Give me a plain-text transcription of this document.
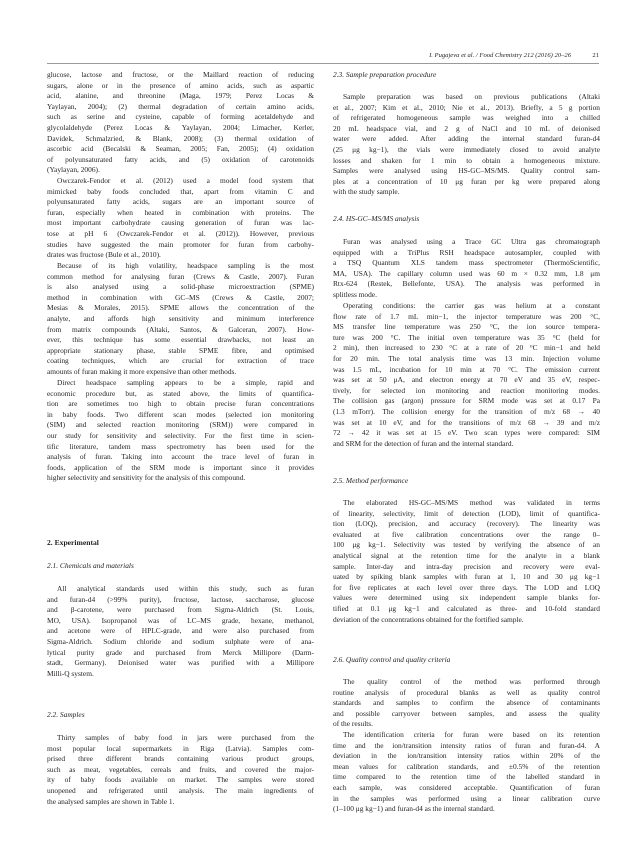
I. Pugajeva et al. / Food Chemistry 212 (2016) 20–26	21

glucose, lactose and fructose, or the Maillard reaction of reducing
sugars, alone or in the presence of amino acids, such as aspartic
acid, alanine, and threonine (Maga, 1979; Perez Locas &
Yaylayan, 2004); (2) thermal degradation of certain amino acids,
such as serine and cysteine, capable of forming acetaldehyde and
glycolaldehyde (Perez Locas & Yaylayan, 2004; Limacher, Kerler,
Davidek, Schmalzried, & Blank, 2008); (3) thermal oxidation of
ascorbic acid (Becalski & Seaman, 2005; Fan, 2005); (4) oxidation
of polyunsaturated fatty acids, and (5) oxidation of carotenoids
(Yaylayan, 2006).

Owczarek-Fendor et al. (2012) used a model food system that
mimicked baby foods concluded that, apart from vitamin C and
polyunsaturated fatty acids, sugars are an important source of
furan, especially when heated in combination with proteins. The
most important carbohydrate causing generation of furan was lac-
tose at pH 6 (Owczarek-Fendor et al. (2012)). However, previous
studies have suggested the main promoter for furan from carbohy-
drates was fructose (Bule et al., 2010).

Because of its high volatility, headspace sampling is the most
common method for analysing furan (Crews & Castle, 2007). Furan
is also analysed using a solid-phase microextraction (SPME)
method in combination with GC–MS (Crews & Castle, 2007;
Mesias & Morales, 2015). SPME allows the concentration of the
analyte, and affords high sensitivity and minimum interference
from matrix compounds (Altaki, Santos, & Galceran, 2007). How-
ever, this technique has some essential drawbacks, not least an
appropriate stationary phase, stable SPME fibre, and optimised
coating techniques, which are crucial for extraction of trace
amounts of furan making it more expensive than other methods.

Direct headspace sampling appears to be a simple, rapid and
economic procedure but, as stated above, the limits of quantifica-
tion are sometimes too high to obtain precise furan concentrations
in baby foods. Two different scan modes (selected ion monitoring
(SIM) and selected reaction monitoring (SRM)) were compared in
our study for sensitivity and selectivity. For the first time in scien-
tific literature, tandem mass spectrometry has been used for the
analysis of furan. Taking into account the trace level of furan in
foods, application of the SRM mode is important since it provides
higher selectivity and sensitivity for the analysis of this compound.

2. Experimental
2.1. Chemicals and materials

All analytical standards used within this study, such as furan
and furan-d4 (>99% purity), fructose, lactose, saccharose, glucose
and β-carotene, were purchased from Sigma-Aldrich (St. Louis,
MO, USA). Isopropanol was of LC–MS grade, hexane, methanol,
and acetone were of HPLC-grade, and were also purchased from
Sigma-Aldrich. Sodium chloride and sodium sulphate were of ana-
lytical purity grade and purchased from Merck Millipore (Darm-
stadt, Germany). Deionised water was purified with a Millipore
Milli-Q system.

2.2. Samples

Thirty samples of baby food in jars were purchased from the
most popular local supermarkets in Riga (Latvia). Samples com-
prised three different brands containing various product groups,
such as meat, vegetables, cereals and fruits, and covered the major-
ity of baby foods available on market. The samples were stored
unopened and refrigerated until analysis. The main ingredients of
the analysed samples are shown in Table 1.

2.3. Sample preparation procedure

Sample preparation was based on previous publications (Altaki
et al., 2007; Kim et al., 2010; Nie et al., 2013). Briefly, a 5 g portion
of refrigerated homogeneous sample was weighed into a chilled
20 mL headspace vial, and 2 g of NaCl and 10 mL of deionised
water were added. After adding the internal standard furan-d4
(25 μg kg−1), the vials were immediately closed to avoid analyte
losses and shaken for 1 min to obtain a homogeneous mixture.
Samples were analysed using HS-GC–MS/MS. Quality control sam-
ples at a concentration of 10 μg furan per kg were prepared along
with the study sample.

2.4. HS-GC–MS/MS analysis

Furan was analysed using a Trace GC Ultra gas chromatograph
equipped with a TriPlus RSH headspace autosampler, coupled with
a TSQ Quantum XLS tandem mass spectrometer (ThermoScientific,
MA, USA). The capillary column used was 60 m × 0.32 mm, 1.8 μm
Rtx-624 (Restek, Bellefonte, USA). The analysis was performed in
splitless mode.

Operating conditions: the carrier gas was helium at a constant
flow rate of 1.7 mL min−1, the injector temperature was 200 °C,
MS transfer line temperature was 250 °C, the ion source tempera-
ture was 200 °C. The initial oven temperature was 35 °C (held for
2 min), then increased to 230 °C at a rate of 20 °C min−1 and held
for 20 min. The total analysis time was 13 min. Injection volume
was 1.5 mL, incubation for 10 min at 70 °C. The emission current
was set at 50 μA, and electron energy at 70 eV and 35 eV, respec-
tively, for selected ion monitoring and reaction monitoring modes.
The collision gas (argon) pressure for SRM mode was set at 0.17 Pa
(1.3 mTorr). The collision energy for the transition of m/z 68 → 40
was set at 10 eV, and for the transitions of m/z 68 → 39 and m/z
72 → 42 it was set at 15 eV. Two scan types were compared: SIM
and SRM for the detection of furan and the internal standard.

2.5. Method performance

The elaborated HS-GC–MS/MS method was validated in terms
of linearity, selectivity, limit of detection (LOD), limit of quantifica-
tion (LOQ), precision, and accuracy (recovery). The linearity was
evaluated at five calibration concentrations over the range 0–
100 μg kg−1. Selectivity was tested by verifying the absence of an
analytical signal at the retention time for the analyte in a blank
sample. Inter-day and intra-day precision and recovery were eval-
uated by spiking blank samples with furan at 1, 10 and 30 μg kg−1
for five replicates at each level over three days. The LOD and LOQ
values were determined using six independent sample blanks for-
tified at 0.1 μg kg−1 and calculated as three- and 10-fold standard
deviation of the concentrations obtained for the fortified sample.

2.6. Quality control and quality criteria

The quality control of the method was performed through
routine analysis of procedural blanks as well as quality control
standards and samples to confirm the absence of contaminants
and possible carryover between samples, and assess the quality
of the results.

The identification criteria for furan were based on its retention
time and the ion/transition intensity ratios of furan and furan-d4. A
deviation in the ion/transition intensity ratios within 20% of the
mean values for calibration standards, and ±0.5% of the retention
time compared to the retention time of the labelled standard in
each sample, was considered acceptable. Quantification of furan
in the samples was performed using a linear calibration curve
(1–100 μg kg−1) and furan-d4 as the internal standard.
